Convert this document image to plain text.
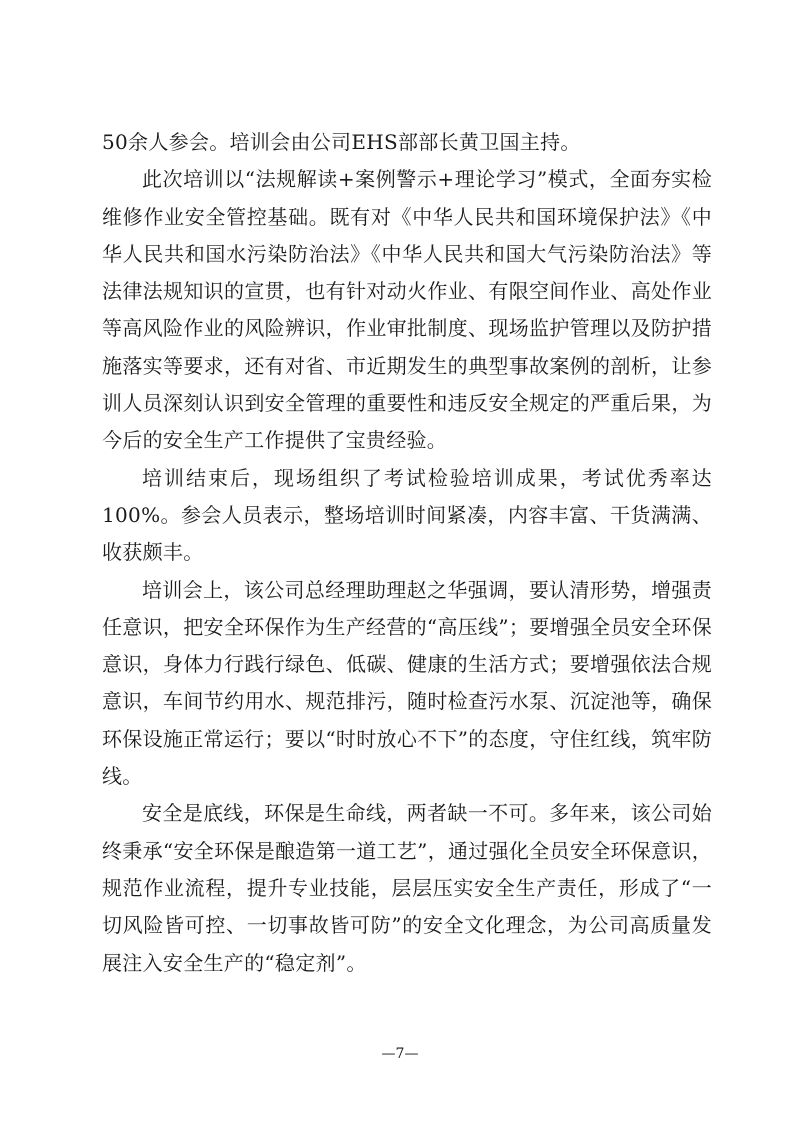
50余人参会。培训会由公司EHS部部长黄卫国主持。

此次培训以“法规解读+案例警示+理论学习”模式，全面夯实检维修作业安全管控基础。既有对《中华人民共和国环境保护法》《中华人民共和国水污染防治法》《中华人民共和国大气污染防治法》等法律法规知识的宣贯，也有针对动火作业、有限空间作业、高处作业等高风险作业的风险辨识，作业审批制度、现场监护管理以及防护措施落实等要求，还有对省、市近期发生的典型事故案例的剖析，让参训人员深刻认识到安全管理的重要性和违反安全规定的严重后果，为今后的安全生产工作提供了宝贵经验。

培训结束后，现场组织了考试检验培训成果，考试优秀率达100%。参会人员表示，整场培训时间紧凑，内容丰富、干货满满、收获颇丰。

培训会上，该公司总经理助理赵之华强调，要认清形势，增强责任意识，把安全环保作为生产经营的“高压线”；要增强全员安全环保意识，身体力行践行绿色、低碳、健康的生活方式；要增强依法合规意识，车间节约用水、规范排污，随时检查污水泵、沉淀池等，确保环保设施正常运行；要以“时时放心不下”的态度，守住红线，筑牢防线。

安全是底线，环保是生命线，两者缺一不可。多年来，该公司始终秉承“安全环保是酿造第一道工艺”，通过强化全员安全环保意识，规范作业流程，提升专业技能，层层压实安全生产责任，形成了“一切风险皆可控、一切事故皆可防”的安全文化理念，为公司高质量发展注入安全生产的“稳定剂”。

—7—
